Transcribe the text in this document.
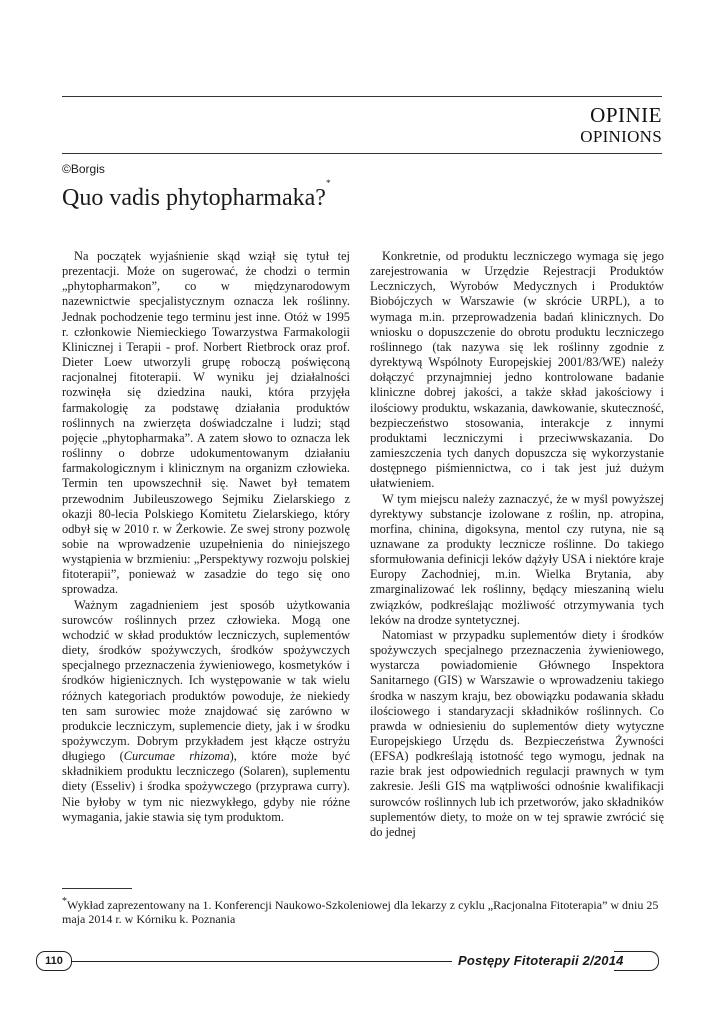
OPINIE
OPINIONS
©Borgis
Quo vadis phytopharmaka?*

Na początek wyjaśnienie skąd wziął się tytuł tej prezentacji. Może on sugerować, że chodzi o termin „phytopharmakon”, co w międzynarodowym nazewnictwie specjalistycznym oznacza lek roślinny. Jednak pochodzenie tego terminu jest inne. Otóż w 1995 r. członkowie Niemieckiego Towarzystwa Farmakologii Klinicznej i Terapii - prof. Norbert Rietbrock oraz prof. Dieter Loew utworzyli grupę roboczą poświęconą racjonalnej fitoterapii. W wyniku jej działalności rozwinęła się dziedzina nauki, która przyjęła farmakologię za podstawę działania produktów roślinnych na zwierzęta doświadczalne i ludzi; stąd pojęcie „phytopharmaka”. A zatem słowo to oznacza lek roślinny o dobrze udokumentowanym działaniu farmakologicznym i klinicznym na organizm człowieka. Termin ten upowszechnił się. Nawet był tematem przewodnim Jubileuszowego Sejmiku Zielarskiego z okazji 80-lecia Polskiego Komitetu Zielarskiego, który odbył się w 2010 r. w Żerkowie. Ze swej strony pozwolę sobie na wprowadzenie uzupełnienia do niniejszego wystąpienia w brzmieniu: „Perspektywy rozwoju polskiej fitoterapii”, ponieważ w zasadzie do tego się ono sprowadza.

Ważnym zagadnieniem jest sposób użytkowania surowców roślinnych przez człowieka. Mogą one wchodzić w skład produktów leczniczych, suplementów diety, środków spożywczych, środków spożywczych specjalnego przeznaczenia żywieniowego, kosmetyków i środków higienicznych. Ich występowanie w tak wielu różnych kategoriach produktów powoduje, że niekiedy ten sam surowiec może znajdować się zarówno w produkcie leczniczym, suplemencie diety, jak i w środku spożywczym. Dobrym przykładem jest kłącze ostryżu długiego (Curcumae rhizoma), które może być składnikiem produktu leczniczego (Solaren), suplementu diety (Esseliv) i środka spożywczego (przyprawa curry). Nie byłoby w tym nic niezwykłego, gdyby nie różne wymagania, jakie stawia się tym produktom.

Konkretnie, od produktu leczniczego wymaga się jego zarejestrowania w Urzędzie Rejestracji Produktów Leczniczych, Wyrobów Medycznych i Produktów Biobójczych w Warszawie (w skrócie URPL), a to wymaga m.in. przeprowadzenia badań klinicznych. Do wniosku o dopuszczenie do obrotu produktu leczniczego roślinnego (tak nazywa się lek roślinny zgodnie z dyrektywą Wspólnoty Europejskiej 2001/83/WE) należy dołączyć przynajmniej jedno kontrolowane badanie kliniczne dobrej jakości, a także skład jakościowy i ilościowy produktu, wskazania, dawkowanie, skuteczność, bezpieczeństwo stosowania, interakcje z innymi produktami leczniczymi i przeciwwskazania. Do zamieszczenia tych danych dopuszcza się wykorzystanie dostępnego piśmiennictwa, co i tak jest już dużym ułatwieniem.

W tym miejscu należy zaznaczyć, że w myśl powyższej dyrektywy substancje izolowane z roślin, np. atropina, morfina, chinina, digoksyna, mentol czy rutyna, nie są uznawane za produkty lecznicze roślinne. Do takiego sformułowania definicji leków dążyły USA i niektóre kraje Europy Zachodniej, m.in. Wielka Brytania, aby zmarginalizować lek roślinny, będący mieszaniną wielu związków, podkreślając możliwość otrzymywania tych leków na drodze syntetycznej.

Natomiast w przypadku suplementów diety i środków spożywczych specjalnego przeznaczenia żywieniowego, wystarcza powiadomienie Głównego Inspektora Sanitarnego (GIS) w Warszawie o wprowadzeniu takiego środka w naszym kraju, bez obowiązku podawania składu ilościowego i standaryzacji składników roślinnych. Co prawda w odniesieniu do suplementów diety wytyczne Europejskiego Urzędu ds. Bezpieczeństwa Żywności (EFSA) podkreślają istotność tego wymogu, jednak na razie brak jest odpowiednich regulacji prawnych w tym zakresie. Jeśli GIS ma wątpliwości odnośnie kwalifikacji surowców roślinnych lub ich przetworów, jako składników suplementów diety, to może on w tej sprawie zwrócić się do jednej

*Wykład zaprezentowany na 1. Konferencji Naukowo-Szkoleniowej dla lekarzy z cyklu „Racjonalna Fitoterapia” w dniu 25 maja 2014 r. w Kórniku k. Poznania
110	Postępy Fitoterapii 2/2014
